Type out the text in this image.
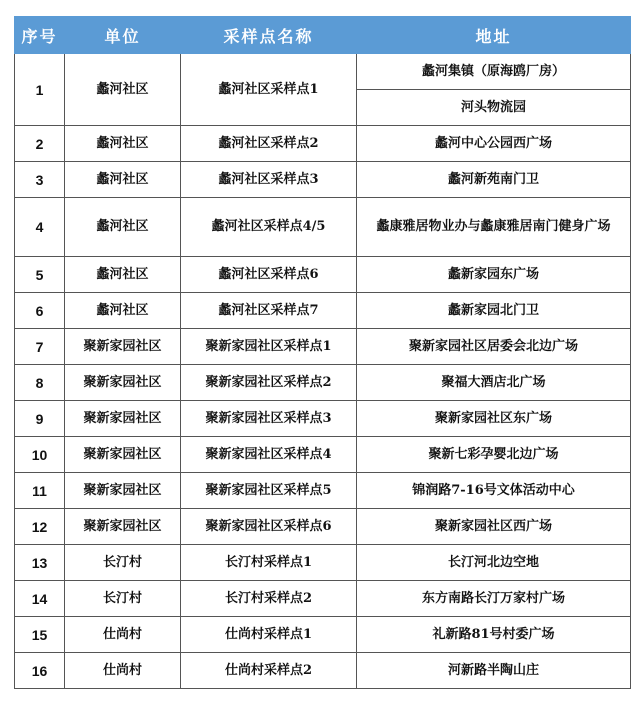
序号	单位	采样点名称	地址
1	蠡河社区	蠡河社区采样点1	蠡河集镇（原海鸥厂房）
			河头物流园
2	蠡河社区	蠡河社区采样点2	蠡河中心公园西广场
3	蠡河社区	蠡河社区采样点3	蠡河新苑南门卫
4	蠡河社区	蠡河社区采样点4/5	蠡康雅居物业办与蠡康雅居南门健身广场
5	蠡河社区	蠡河社区采样点6	蠡新家园东广场
6	蠡河社区	蠡河社区采样点7	蠡新家园北门卫
7	聚新家园社区	聚新家园社区采样点1	聚新家园社区居委会北边广场
8	聚新家园社区	聚新家园社区采样点2	聚福大酒店北广场
9	聚新家园社区	聚新家园社区采样点3	聚新家园社区东广场
10	聚新家园社区	聚新家园社区采样点4	聚新七彩孕婴北边广场
11	聚新家园社区	聚新家园社区采样点5	锦润路7-16号文体活动中心
12	聚新家园社区	聚新家园社区采样点6	聚新家园社区西广场
13	长汀村	长汀村采样点1	长汀河北边空地
14	长汀村	长汀村采样点2	东方南路长汀万家村广场
15	仕尚村	仕尚村采样点1	礼新路81号村委广场
16	仕尚村	仕尚村采样点2	河新路半陶山庄
